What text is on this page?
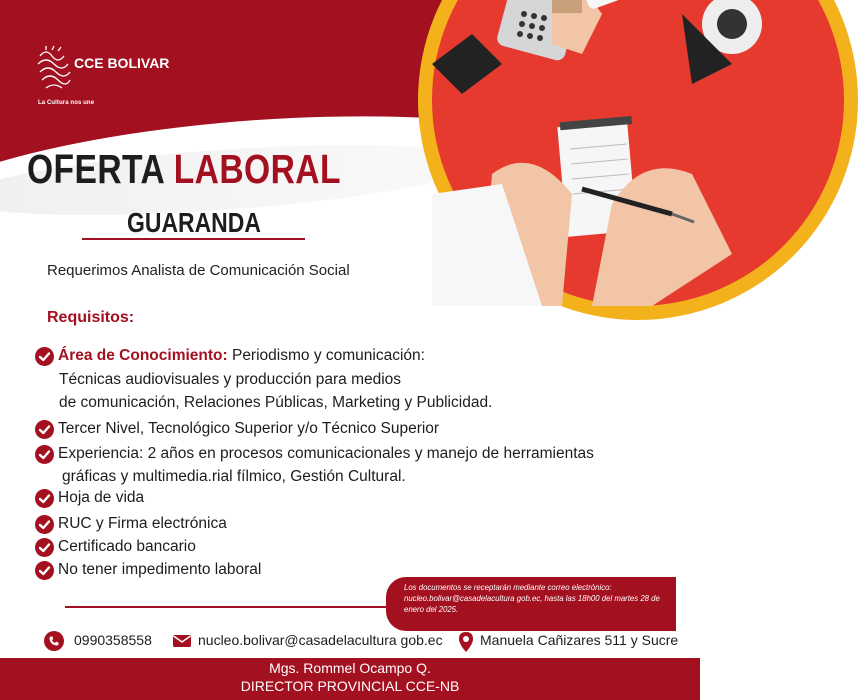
CCE BOLIVAR
La Cultura nos une
OFERTA LABORAL
GUARANDA
Requerimos Analista de Comunicación Social
Requisitos:
Área de Conocimiento: Periodismo y comunicación:
Técnicas audiovisuales y producción para medios
de comunicación, Relaciones Públicas, Marketing y Publicidad.
Tercer Nivel, Tecnológico Superior y/o Técnico Superior
Experiencia: 2 años en procesos comunicacionales y manejo de herramientas
gráficas y multimedia.rial fílmico, Gestión Cultural.
Hoja de vida
RUC y Firma electrónica
Certificado bancario
No tener impedimento laboral
Los documentos se receptarán mediante correo electrónico: nucleo.bolivar@casadelacultura gob.ec, hasta las 18h00 del martes 28 de enero del 2025.
0990358558	nucleo.bolivar@casadelacultura gob.ec	Manuela Cañizares 511 y Sucre
Mgs. Rommel Ocampo Q.
DIRECTOR PROVINCIAL CCE-NB
